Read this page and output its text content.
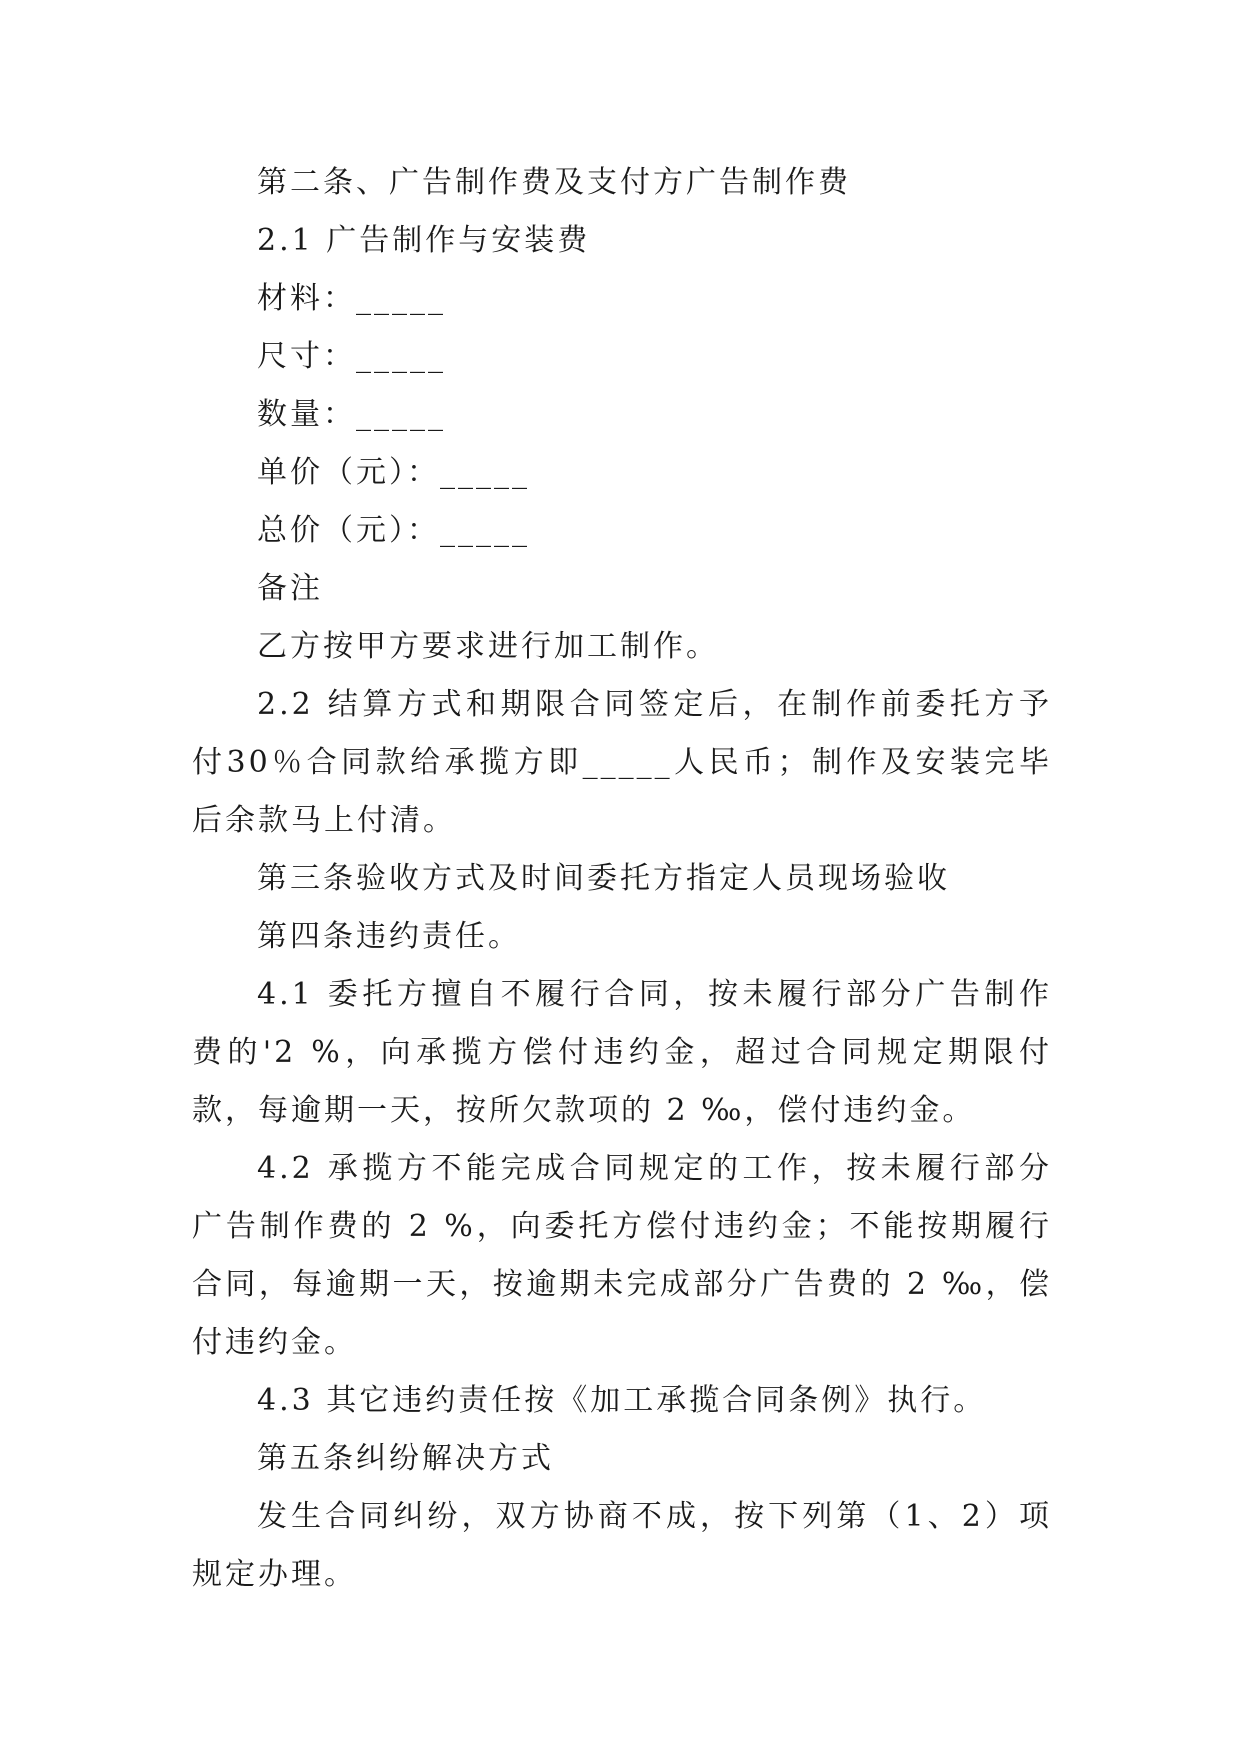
第二条、广告制作费及支付方广告制作费

2.1 广告制作与安装费

材料：_____

尺寸：_____

数量：_____

单价（元）：_____

总价（元）：_____

备注

乙方按甲方要求进行加工制作。

2.2 结算方式和期限合同签定后，在制作前委托方予付30％合同款给承揽方即_____人民币；制作及安装完毕后余款马上付清。

第三条验收方式及时间委托方指定人员现场验收

第四条违约责任。

4.1 委托方擅自不履行合同，按未履行部分广告制作费的'2 %，向承揽方偿付违约金，超过合同规定期限付款，每逾期一天，按所欠款项的 2 ‰，偿付违约金。

4.2 承揽方不能完成合同规定的工作，按未履行部分广告制作费的 2 %，向委托方偿付违约金；不能按期履行合同，每逾期一天，按逾期未完成部分广告费的 2 ‰，偿付违约金。

4.3 其它违约责任按《加工承揽合同条例》执行。

第五条纠纷解决方式

发生合同纠纷，双方协商不成，按下列第（1、2）项规定办理。
